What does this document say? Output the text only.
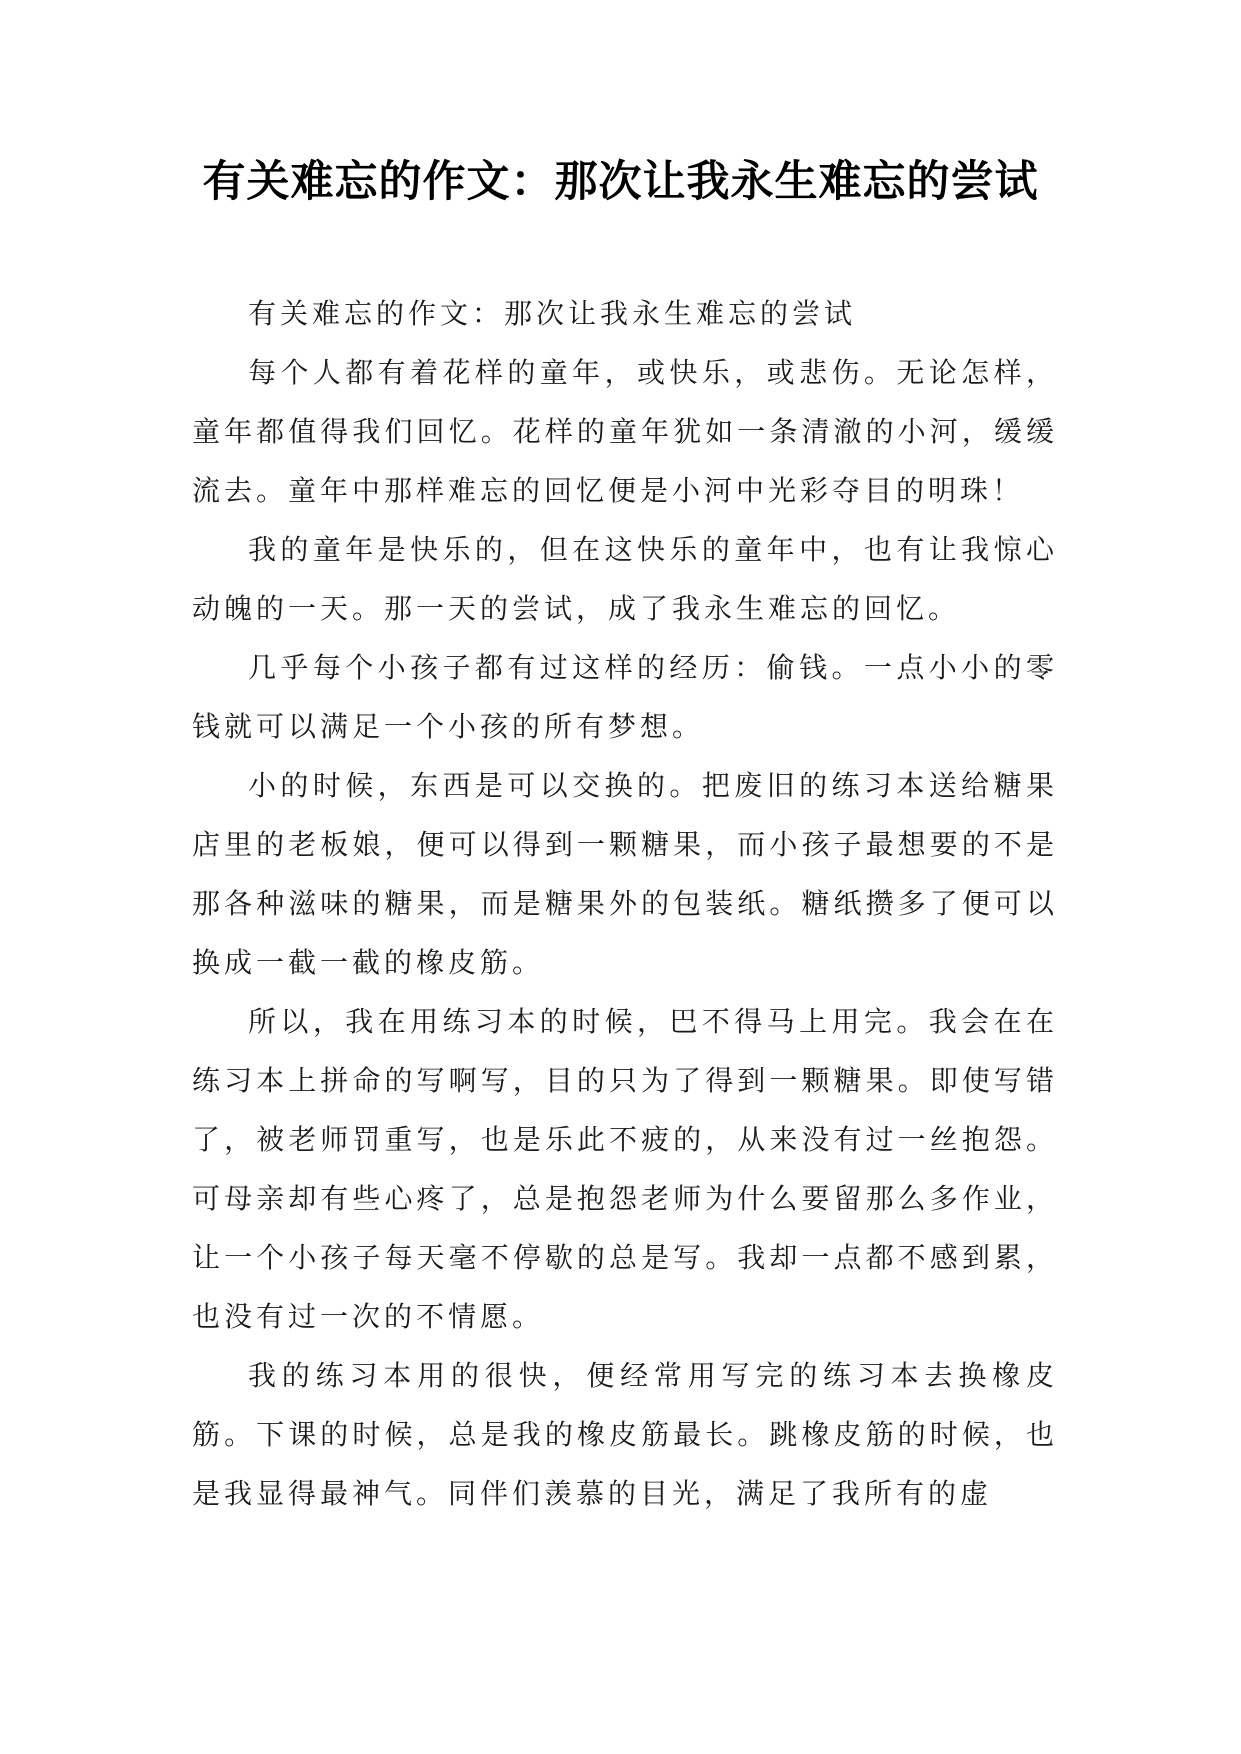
有关难忘的作文：那次让我永生难忘的尝试

有关难忘的作文：那次让我永生难忘的尝试

每个人都有着花样的童年，或快乐，或悲伤。无论怎样，童年都值得我们回忆。花样的童年犹如一条清澈的小河，缓缓流去。童年中那样难忘的回忆便是小河中光彩夺目的明珠！

我的童年是快乐的，但在这快乐的童年中，也有让我惊心动魄的一天。那一天的尝试，成了我永生难忘的回忆。

几乎每个小孩子都有过这样的经历：偷钱。一点小小的零钱就可以满足一个小孩的所有梦想。

小的时候，东西是可以交换的。把废旧的练习本送给糖果店里的老板娘，便可以得到一颗糖果，而小孩子最想要的不是那各种滋味的糖果，而是糖果外的包装纸。糖纸攒多了便可以换成一截一截的橡皮筋。

所以，我在用练习本的时候，巴不得马上用完。我会在在练习本上拼命的写啊写，目的只为了得到一颗糖果。即使写错了，被老师罚重写，也是乐此不疲的，从来没有过一丝抱怨。可母亲却有些心疼了，总是抱怨老师为什么要留那么多作业，让一个小孩子每天毫不停歇的总是写。我却一点都不感到累，也没有过一次的不情愿。

我的练习本用的很快，便经常用写完的练习本去换橡皮筋。下课的时候，总是我的橡皮筋最长。跳橡皮筋的时候，也是我显得最神气。同伴们羡慕的目光，满足了我所有的虚
